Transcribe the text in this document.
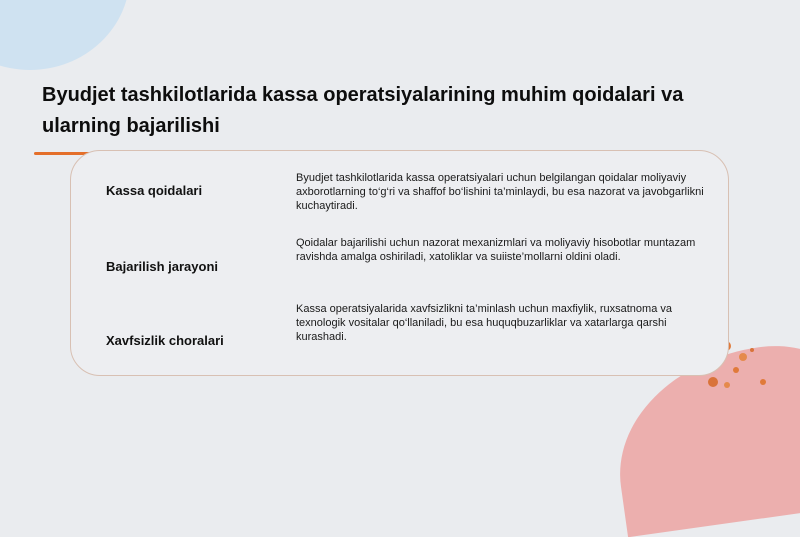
Byudjet tashkilotlarida kassa operatsiyalarining muhim qoidalari va ularning bajarilishi
Kassa qoidalari
Byudjet tashkilotlarida kassa operatsiyalari uchun belgilangan qoidalar moliyaviy axborotlarning to‘g‘ri va shaffof bo‘lishini ta’minlaydi, bu esa nazorat va javobgarlikni kuchaytiradi.
Bajarilish jarayoni
Qoidalar bajarilishi uchun nazorat mexanizmlari va moliyaviy hisobotlar muntazam ravishda amalga oshiriladi, xatoliklar va suiiste’mollarni oldini oladi.
Xavfsizlik choralari
Kassa operatsiyalarida xavfsizlikni ta’minlash uchun maxfiylik, ruxsatnoma va texnologik vositalar qo‘llaniladi, bu esa huquqbuzarliklar va xatarlarga qarshi kurashadi.
